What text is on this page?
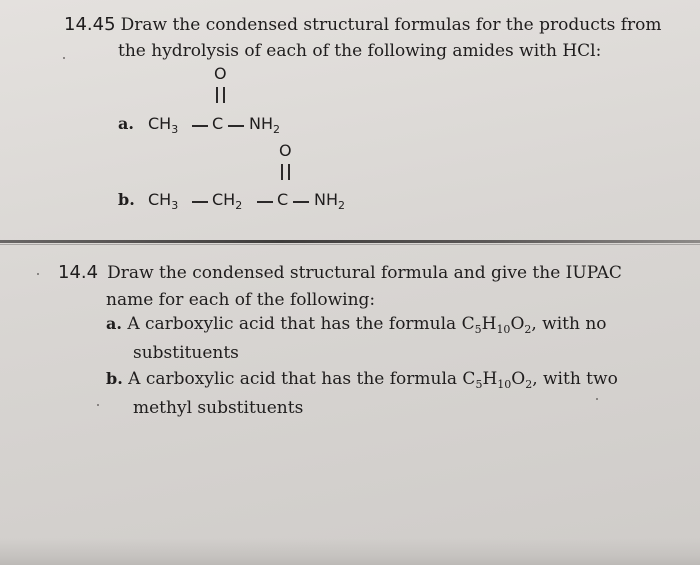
14.45 Draw the condensed structural formulas for the products from
the hydrolysis of each of the following amides with HCl:
O
a. $CH_3$ C $NH_2$
O
b. $CH_3$ $CH_2$ C $NH_2$
14.4 Draw the condensed structural formula and give the IUPAC
name for each of the following:
a. A carboxylic acid that has the formula $C_5H_{10}O_2$, with no
substituents
b. A carboxylic acid that has the formula $C_5H_{10}O_2$, with two
methyl substituents
